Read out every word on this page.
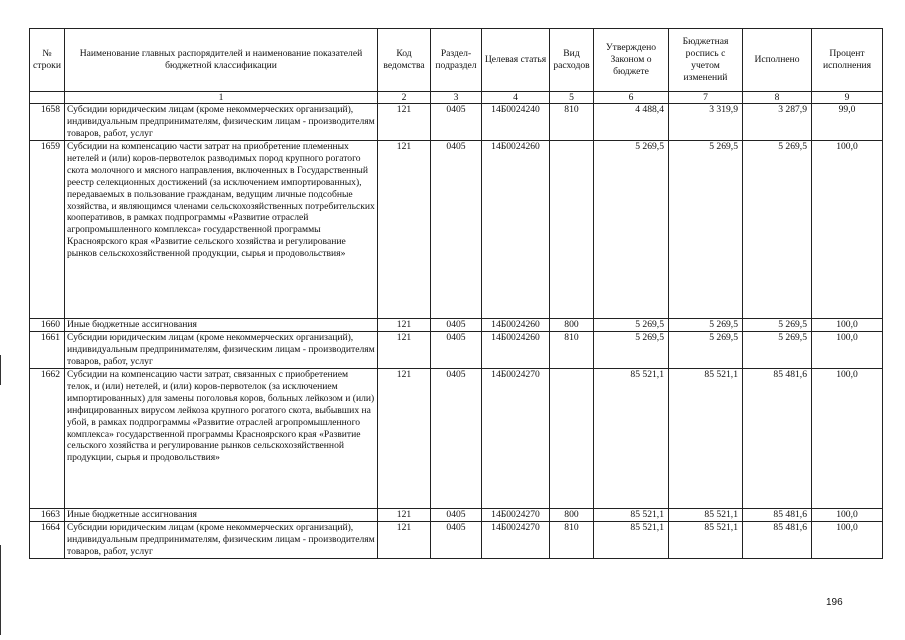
№ строки	Наименование главных распорядителей и наименование показателей бюджетной классификации	Код ведомства	Раздел-подраздел	Целевая статья	Вид расходов	Утверждено Законом о бюджете	Бюджетная роспись с учетом изменений	Исполнено	Процент исполнения
	1	2	3	4	5	6	7	8	9
1658	Субсидии юридическим лицам (кроме некоммерческих организаций), индивидуальным предпринимателям, физическим лицам - производителям товаров, работ, услуг	121	0405	14Б0024240	810	4 488,4	3 319,9	3 287,9	99,0
1659	Субсидии на компенсацию части затрат на приобретение племенных нетелей и (или) коров-первотелок разводимых пород крупного рогатого скота молочного и мясного направления, включенных в Государственный реестр селекционных достижений (за исключением импортированных), передаваемых в пользование гражданам, ведущим личные подсобные хозяйства, и являющимся членами сельскохозяйственных потребительских кооперативов, в рамках подпрограммы «Развитие отраслей агропромышленного комплекса» государственной программы Красноярского края «Развитие сельского хозяйства и регулирование рынков сельскохозяйственной продукции, сырья и продовольствия»	121	0405	14Б0024260		5 269,5	5 269,5	5 269,5	100,0
1660	Иные бюджетные ассигнования	121	0405	14Б0024260	800	5 269,5	5 269,5	5 269,5	100,0
1661	Субсидии юридическим лицам (кроме некоммерческих организаций), индивидуальным предпринимателям, физическим лицам - производителям товаров, работ, услуг	121	0405	14Б0024260	810	5 269,5	5 269,5	5 269,5	100,0
1662	Субсидии на компенсацию части затрат, связанных с приобретением телок, и (или) нетелей, и (или) коров-первотелок (за исключением импортированных) для замены поголовья коров, больных лейкозом и (или) инфицированных вирусом лейкоза крупного рогатого скота, выбывших на убой, в рамках подпрограммы «Развитие отраслей агропромышленного комплекса» государственной программы Красноярского края «Развитие сельского хозяйства и регулирование рынков сельскохозяйственной продукции, сырья и продовольствия»	121	0405	14Б0024270		85 521,1	85 521,1	85 481,6	100,0
1663	Иные бюджетные ассигнования	121	0405	14Б0024270	800	85 521,1	85 521,1	85 481,6	100,0
1664	Субсидии юридическим лицам (кроме некоммерческих организаций), индивидуальным предпринимателям, физическим лицам - производителям товаров, работ, услуг	121	0405	14Б0024270	810	85 521,1	85 521,1	85 481,6	100,0
196
